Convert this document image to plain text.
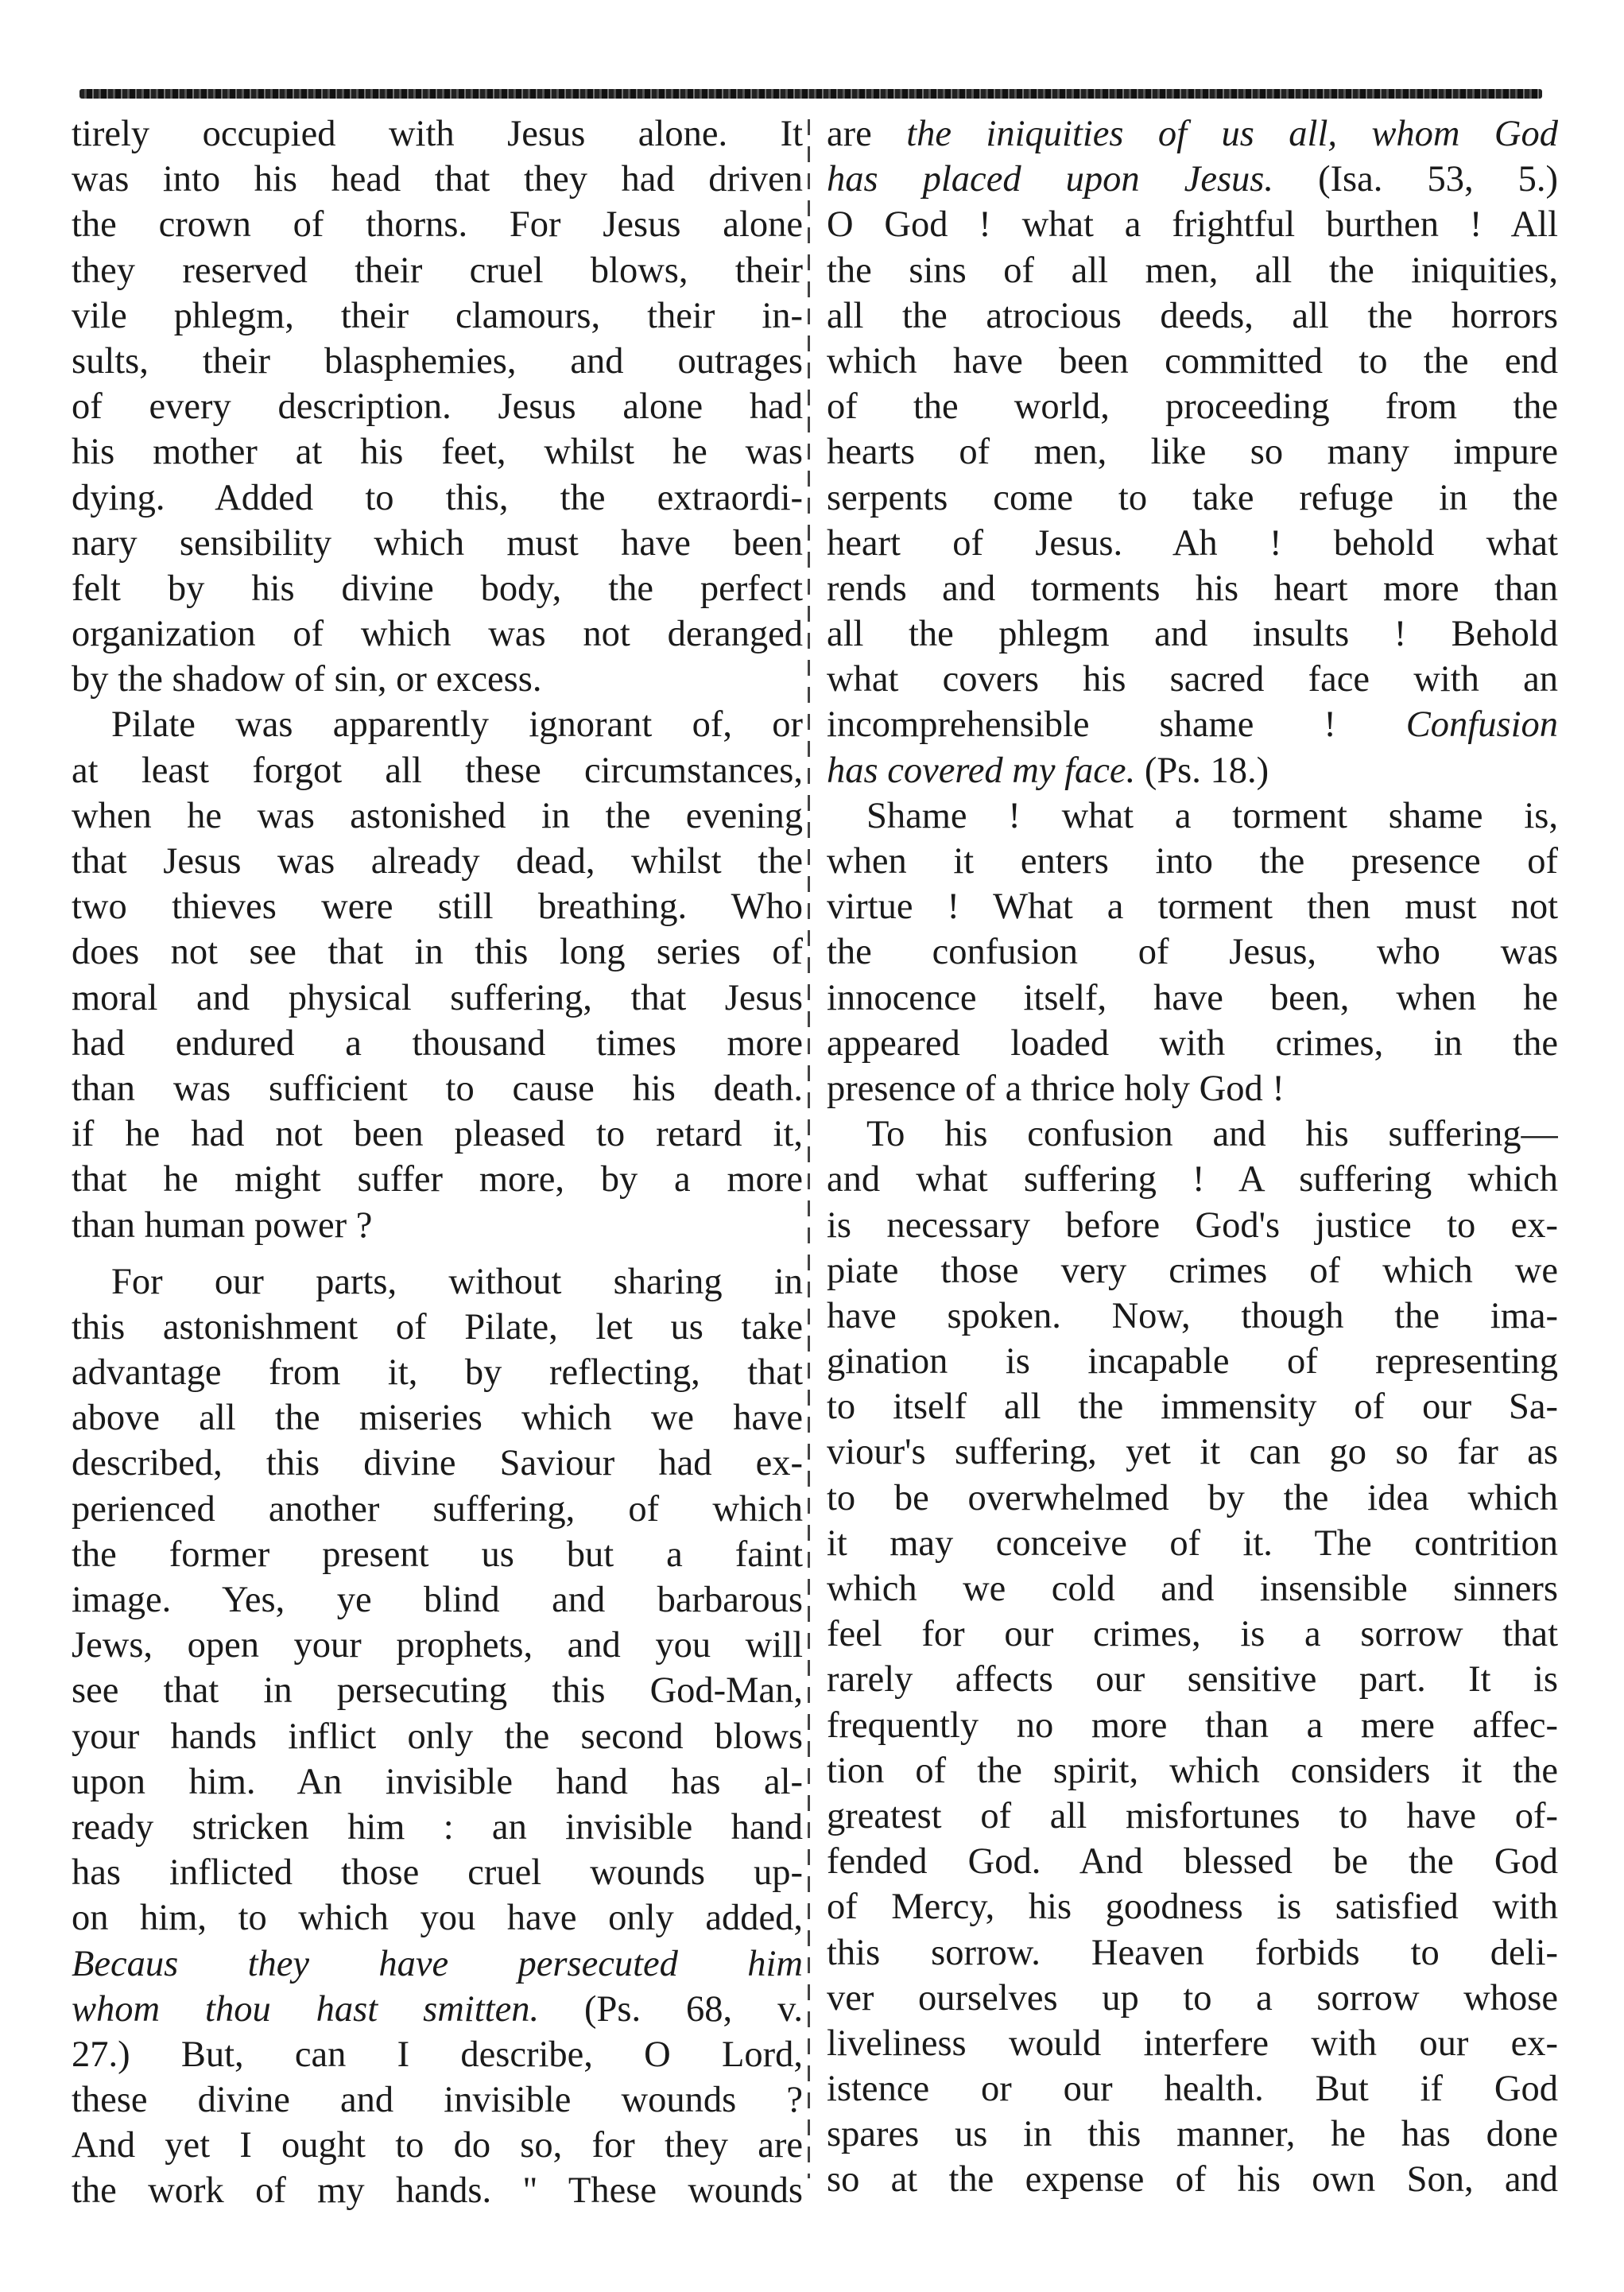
tirely occupied with Jesus alone. It
was into his head that they had driven
the crown of thorns. For Jesus alone
they reserved their cruel blows, their
vile phlegm, their clamours, their in-
sults, their blasphemies, and outrages
of every description. Jesus alone had
his mother at his feet, whilst he was
dying. Added to this, the extraordi-
nary sensibility which must have been
felt by his divine body, the perfect
organization of which was not deranged
by the shadow of sin, or excess.
Pilate was apparently ignorant of, or
at least forgot all these circumstances,
when he was astonished in the evening
that Jesus was already dead, whilst the
two thieves were still breathing. Who
does not see that in this long series of
moral and physical suffering, that Jesus
had endured a thousand times more
than was sufficient to cause his death.
if he had not been pleased to retard it,
that he might suffer more, by a more
than human power ?
For our parts, without sharing in
this astonishment of Pilate, let us take
advantage from it, by reflecting, that
above all the miseries which we have
described, this divine Saviour had ex-
perienced another suffering, of which
the former present us but a faint
image. Yes, ye blind and barbarous
Jews, open your prophets, and you will
see that in persecuting this God-Man,
your hands inflict only the second blows
upon him. An invisible hand has al-
ready stricken him : an invisible hand
has inflicted those cruel wounds up-
on him, to which you have only added,
Becaus they have persecuted him
whom thou hast smitten. (Ps. 68, v.
27.) But, can I describe, O Lord,
these divine and invisible wounds ?
And yet I ought to do so, for they are
the work of my hands. " These wounds
are the iniquities of us all, whom God
has placed upon Jesus. (Isa. 53, 5.)
O God ! what a frightful burthen ! All
the sins of all men, all the iniquities,
all the atrocious deeds, all the horrors
which have been committed to the end
of the world, proceeding from the
hearts of men, like so many impure
serpents come to take refuge in the
heart of Jesus. Ah ! behold what
rends and torments his heart more than
all the phlegm and insults ! Behold
what covers his sacred face with an
incomprehensible shame ! Confusion
has covered my face. (Ps. 18.)
Shame ! what a torment shame is,
when it enters into the presence of
virtue ! What a torment then must not
the confusion of Jesus, who was
innocence itself, have been, when he
appeared loaded with crimes, in the
presence of a thrice holy God !
To his confusion and his suffering—
and what suffering ! A suffering which
is necessary before God's justice to ex-
piate those very crimes of which we
have spoken. Now, though the ima-
gination is incapable of representing
to itself all the immensity of our Sa-
viour's suffering, yet it can go so far as
to be overwhelmed by the idea which
it may conceive of it. The contrition
which we cold and insensible sinners
feel for our crimes, is a sorrow that
rarely affects our sensitive part. It is
frequently no more than a mere affec-
tion of the spirit, which considers it the
greatest of all misfortunes to have of-
fended God. And blessed be the God
of Mercy, his goodness is satisfied with
this sorrow. Heaven forbids to deli-
ver ourselves up to a sorrow whose
liveliness would interfere with our ex-
istence or our health. But if God
spares us in this manner, he has done
so at the expense of his own Son, and
